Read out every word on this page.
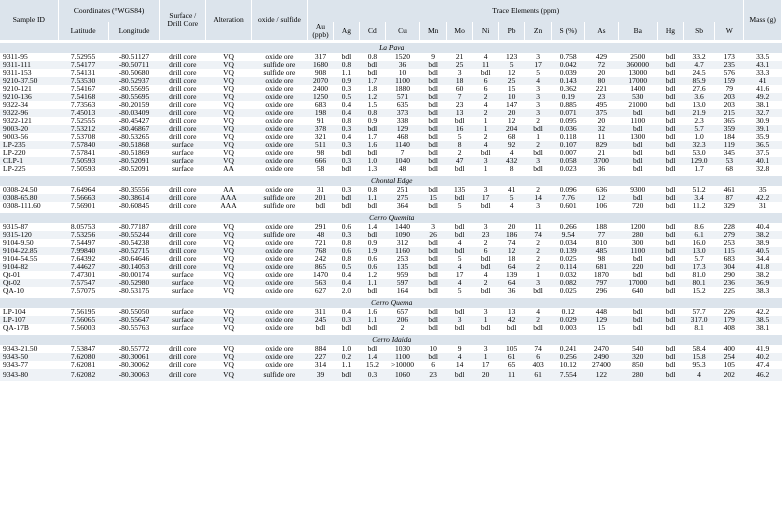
Sample ID	Coordinates (°WGS84)		Surface / Drill Core	Alteration	oxide / sulfide	Trace Elements (ppm)															Mass (g)
	Latitude	Longitude				Au (ppb)	Ag	Cd	Cu	Mn	Mo	Ni	Pb	Zn	S (%)	As	Ba	Hg	Sb	W	

La Pava																					
9311-95	7.52955	-80.51127	drill core	VQ	oxide ore	317	bdl	0.8	1520	9	21	4	123	3	0.758	429	2500	bdl	33.2	173	33.5
9311-111	7.54177	-80.50711	drill core	VQ	sulfide ore	1680	0.8	bdl	36	bdl	25	11	5	17	0.042	72	360000	bdl	4.7	235	43.1
9311-153	7.54131	-80.50680	drill core	VQ	sulfide ore	908	1.1	bdl	10	bdl	3	bdl	12	5	0.039	20	13000	bdl	24.5	576	33.3
9210-37.50	7.53530	-80.52937	drill core	VQ	oxide ore	2070	0.9	1.7	1100	bdl	18	6	25	4	0.143	80	17000	bdl	85.9	159	41
9210-121	7.54167	-80.55695	drill core	VQ	oxide ore	2400	0.3	1.8	1880	bdl	60	6	15	3	0.362	221	1400	bdl	27.6	79	41.6
9210-136	7.54168	-80.55695	drill core	VQ	oxide ore	1250	0.5	1.2	571	bdl	7	2	10	3	0.19	23	530	bdl	3.6	203	49.2
9322-34	7.73563	-80.20159	drill core	VQ	oxide ore	683	0.4	1.5	635	bdl	23	4	147	3	0.885	495	21000	bdl	13.0	203	38.1
9322-96	7.45013	-80.03409	drill core	VQ	oxide ore	198	0.4	0.8	373	bdl	13	2	20	3	0.071	375	bdl	bdl	21.9	215	32.7
9322-121	7.52555	-80.45427	drill core	VQ	oxide ore	91	0.8	0.9	338	bdl	bdl	1	12	2	0.095	20	1100	bdl	2.3	365	30.9
9003-20	7.53212	-80.46867	drill core	VQ	oxide ore	378	0.3	bdl	129	bdl	16	1	204	bdl	0.036	32	bdl	bdl	5.7	359	39.1
9003-56	7.53708	-80.53265	drill core	VQ	oxide ore	321	0.4	1.7	468	bdl	5	2	68	1	0.118	11	1300	bdl	1.0	184	35.9
LP-235	7.57840	-80.51868	surface	VQ	oxide ore	511	0.3	1.6	1140	bdl	8	4	92	2	0.107	829	bdl	bdl	32.3	119	36.5
LP-220	7.57841	-80.51869	surface	VQ	oxide ore	98	bdl	bdl	7	bdl	2	bdl	4	bdl	0.007	21	bdl	bdl	53.0	345	37.5
CLP-1	7.50593	-80.52091	surface	VQ	oxide ore	666	0.3	1.0	1040	bdl	47	3	432	3	0.058	3700	bdl	bdl	129.0	53	40.1
LP-225	7.50593	-80.52091	surface	AA	oxide ore	58	bdl	1.3	48	bdl	bdl	1	8	bdl	0.023	36	bdl	bdl	1.7	68	32.8

Chontal Edge																					
0308-24.50	7.64964	-80.35556	drill core	AA	oxide ore	31	0.3	0.8	251	bdl	135	3	41	2	0.096	636	9300	bdl	51.2	461	35
0308-65.80	7.56663	-80.38614	drill core	AAA	sulfide ore	201	bdl	1.1	275	15	bdl	17	5	14	7.76	12	bdl	bdl	3.4	87	42.2
0308-111.60	7.56901	-80.60845	drill core	AAA	sulfide ore	bdl	bdl	bdl	364	bdl	5	bdl	4	3	0.601	106	720	bdl	11.2	329	31

Cerro Quemita																					
9315-87	8.05753	-80.77187	drill core	VQ	oxide ore	291	0.6	1.4	1440	3	bdl	3	20	11	0.266	188	1200	bdl	8.6	228	40.4
9315-120	7.53256	-80.55244	drill core	VQ	sulfide ore	48	0.3	bdl	1090	26	bdl	23	186	74	9.54	77	280	bdl	6.1	279	38.2
9104-9.50	7.54497	-80.54238	drill core	VQ	oxide ore	721	0.8	0.9	312	bdl	4	2	74	2	0.034	810	300	bdl	16.0	253	38.9
9104-22.85	7.99840	-80.52715	drill core	VQ	oxide ore	768	0.6	1.9	1160	bdl	bdl	6	12	2	0.139	485	1100	bdl	13.0	115	40.5
9104-54.55	7.64392	-80.64646	drill core	VQ	oxide ore	242	0.8	0.6	253	bdl	5	bdl	18	2	0.025	98	bdl	bdl	5.7	683	34.4
9104-82	7.44627	-80.14053	drill core	VQ	oxide ore	865	0.5	0.6	135	bdl	4	bdl	64	2	0.114	681	220	bdl	17.3	304	41.8
Qt-01	7.47301	-80.00174	surface	VQ	oxide ore	1470	0.4	1.2	959	bdl	17	4	139	1	0.032	1870	bdl	bdl	81.0	290	38.2
Qt-02	7.57547	-80.52980	surface	VQ	oxide ore	563	0.4	1.1	597	bdl	4	2	64	3	0.082	797	17000	bdl	80.1	236	36.9
QA-10	7.57075	-80.53175	surface	VQ	oxide ore	627	2.0	bdl	164	bdl	5	bdl	36	bdl	0.025	296	640	bdl	15.2	225	38.3

Cerro Quema																					
LP-104	7.56195	-80.55050	surface	VQ	oxide ore	311	0.4	1.6	657	bdl	bdl	3	13	4	0.12	448	bdl	bdl	57.7	226	42.2
LP-107	7.56065	-80.55647	surface	VQ	oxide ore	245	0.3	1.1	206	bdl	3	1	42	2	0.029	129	bdl	bdl	317.0	179	38.5
QA-17B	7.56003	-80.55763	surface	VQ	oxide ore	bdl	bdl	bdl	2	bdl	bdl	bdl	bdl	bdl	0.003	15	bdl	bdl	8.1	408	38.1

Cerro Idaida																					
9343-21.50	7.53847	-80.55772	drill core	VQ	oxide ore	884	1.0	bdl	1030	10	9	3	105	74	0.241	2470	540	bdl	58.4	400	41.9
9343-50	7.62080	-80.30061	drill core	VQ	oxide ore	227	0.2	1.4	1100	bdl	4	1	61	6	0.256	2490	320	bdl	15.8	254	40.2
9343-77	7.62081	-80.30062	drill core	VQ	oxide ore	314	1.1	15.2	>10000	6	14	17	65	403	10.12	27400	850	bdl	95.3	105	47.4
9343-80	7.62082	-80.30063	drill core	VQ	sulfide ore	39	bdl	0.3	1060	23	bdl	20	11	61	7.554	122	280	bdl	4	202	46.2
